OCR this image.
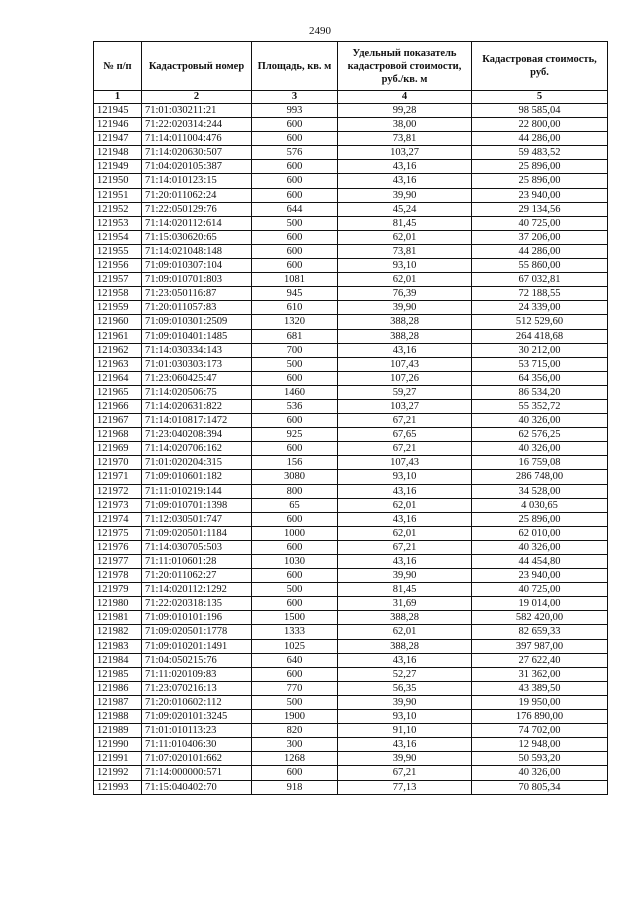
2490
№ п/п	Кадастровый номер	Площадь, кв. м	Удельный показатель кадастровой стоимости, руб./кв. м	Кадастровая стоимость, руб.
1	2	3	4	5
121945	71:01:030211:21	993	99,28	98 585,04
121946	71:22:020314:244	600	38,00	22 800,00
121947	71:14:011004:476	600	73,81	44 286,00
121948	71:14:020630:507	576	103,27	59 483,52
121949	71:04:020105:387	600	43,16	25 896,00
121950	71:14:010123:15	600	43,16	25 896,00
121951	71:20:011062:24	600	39,90	23 940,00
121952	71:22:050129:76	644	45,24	29 134,56
121953	71:14:020112:614	500	81,45	40 725,00
121954	71:15:030620:65	600	62,01	37 206,00
121955	71:14:021048:148	600	73,81	44 286,00
121956	71:09:010307:104	600	93,10	55 860,00
121957	71:09:010701:803	1081	62,01	67 032,81
121958	71:23:050116:87	945	76,39	72 188,55
121959	71:20:011057:83	610	39,90	24 339,00
121960	71:09:010301:2509	1320	388,28	512 529,60
121961	71:09:010401:1485	681	388,28	264 418,68
121962	71:14:030334:143	700	43,16	30 212,00
121963	71:01:030303:173	500	107,43	53 715,00
121964	71:23:060425:47	600	107,26	64 356,00
121965	71:14:020506:75	1460	59,27	86 534,20
121966	71:14:020631:822	536	103,27	55 352,72
121967	71:14:010817:1472	600	67,21	40 326,00
121968	71:23:040208:394	925	67,65	62 576,25
121969	71:14:020706:162	600	67,21	40 326,00
121970	71:01:020204:315	156	107,43	16 759,08
121971	71:09:010601:182	3080	93,10	286 748,00
121972	71:11:010219:144	800	43,16	34 528,00
121973	71:09:010701:1398	65	62,01	4 030,65
121974	71:12:030501:747	600	43,16	25 896,00
121975	71:09:020501:1184	1000	62,01	62 010,00
121976	71:14:030705:503	600	67,21	40 326,00
121977	71:11:010601:28	1030	43,16	44 454,80
121978	71:20:011062:27	600	39,90	23 940,00
121979	71:14:020112:1292	500	81,45	40 725,00
121980	71:22:020318:135	600	31,69	19 014,00
121981	71:09:010101:196	1500	388,28	582 420,00
121982	71:09:020501:1778	1333	62,01	82 659,33
121983	71:09:010201:1491	1025	388,28	397 987,00
121984	71:04:050215:76	640	43,16	27 622,40
121985	71:11:020109:83	600	52,27	31 362,00
121986	71:23:070216:13	770	56,35	43 389,50
121987	71:20:010602:112	500	39,90	19 950,00
121988	71:09:020101:3245	1900	93,10	176 890,00
121989	71:01:010113:23	820	91,10	74 702,00
121990	71:11:010406:30	300	43,16	12 948,00
121991	71:07:020101:662	1268	39,90	50 593,20
121992	71:14:000000:571	600	67,21	40 326,00
121993	71:15:040402:70	918	77,13	70 805,34
